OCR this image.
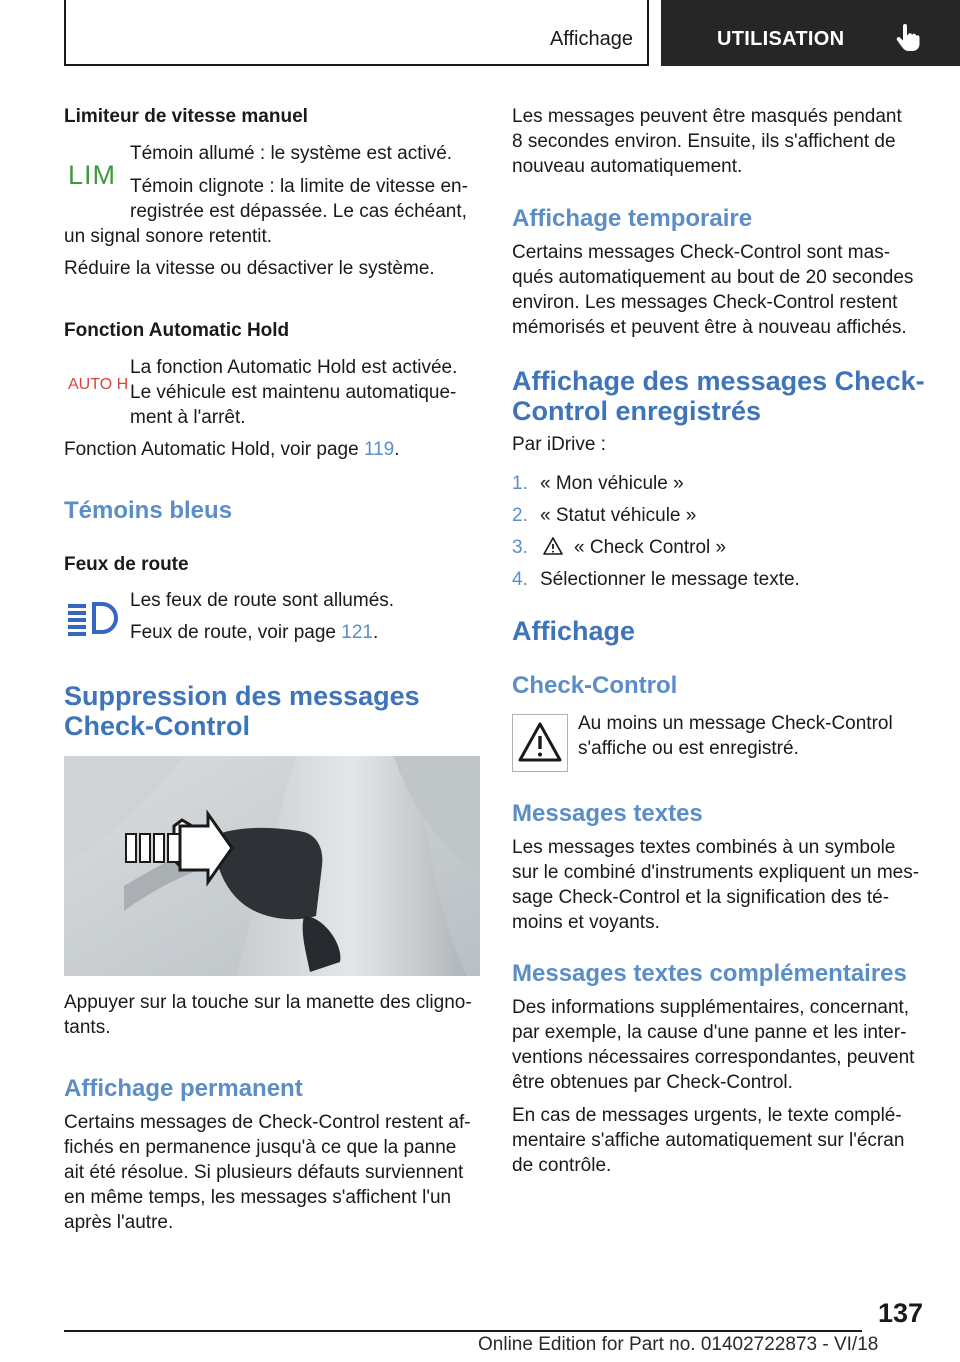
Affichage	UTILISATION
Limiteur de vitesse manuel
LIM
Témoin allumé : le système est activé.
Témoin clignote : la limite de vitesse en‐
registrée est dépassée. Le cas échéant,
un signal sonore retentit.
Réduire la vitesse ou désactiver le système.
Fonction Automatic Hold
AUTO H
La fonction Automatic Hold est activée.
Le véhicule est maintenu automatique‐
ment à l'arrêt.
Fonction Automatic Hold, voir page 119.
Témoins bleus
Feux de route
Les feux de route sont allumés.
Feux de route, voir page 121.
Suppression des messages
Check-Control
Appuyer sur la touche sur la manette des cligno‐
tants.
Affichage permanent
Certains messages de Check-Control restent af‐
fichés en permanence jusqu'à ce que la panne
ait été résolue. Si plusieurs défauts surviennent
en même temps, les messages s'affichent l'un
après l'autre.
Les messages peuvent être masqués pendant
8 secondes environ. Ensuite, ils s'affichent de
nouveau automatiquement.
Affichage temporaire
Certains messages Check-Control sont mas‐
qués automatiquement au bout de 20 secondes
environ. Les messages Check-Control restent
mémorisés et peuvent être à nouveau affichés.
Affichage des messages Check-
Control enregistrés
Par iDrive :
1. « Mon véhicule »
2. « Statut véhicule »
3. « Check Control »
4. Sélectionner le message texte.
Affichage
Check-Control
Au moins un message Check-Control
s'affiche ou est enregistré.
Messages textes
Les messages textes combinés à un symbole
sur le combiné d'instruments expliquent un mes‐
sage Check-Control et la signification des té‐
moins et voyants.
Messages textes complémentaires
Des informations supplémentaires, concernant,
par exemple, la cause d'une panne et les inter‐
ventions nécessaires correspondantes, peuvent
être obtenues par Check-Control.
En cas de messages urgents, le texte complé‐
mentaire s'affiche automatiquement sur l'écran
de contrôle.
137
Online Edition for Part no. 01402722873 - VI/18
